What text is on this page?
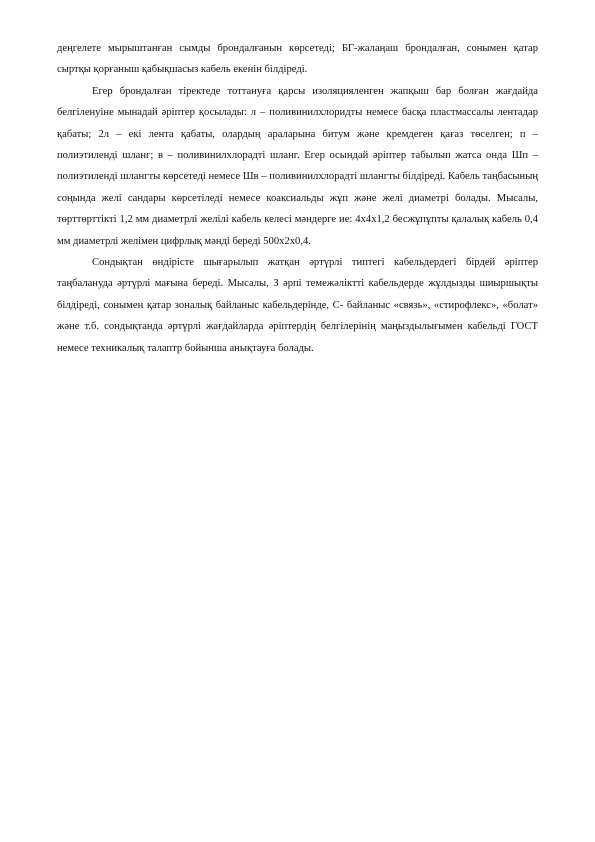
деңгелете мырыштанған сымды брондалғанын көрсетеді; БГ-жалаңаш брондалған, сонымен қатар сыртқы қорғаныш қабықшасыз кабель екенін білдіреді.

Егер брондалған тіректеде тоттануға қарсы изоляцияленген жапқыш бар болған жағдайда белгіленуіне мынадай әріптер қосылады: л – поливинилхлоридты немесе басқа пластмассалы лентадар қабаты; 2л – екі лента қабаты, олардың араларына битум және кремдеген қағаз төселген; п – полиэтиленді шланг; в – поливинилхлорадті шланг. Егер осындай әріптер табылып жатса онда Шп – полиэтиленді шлангты көрсетеді немесе Шв – поливинилхлорадті шлангты білдіреді. Кабель таңбасының соңында желі сандары көрсетіледі немесе коаксиальды жұп және желі диаметрі болады. Мысалы, төрттөрттікті 1,2 мм диаметрлі желілі кабель келесі мәндерге ие: 4х4х1,2 бесжұпұпты қалалық кабель 0,4 мм диаметрлі желімен цифрлық мәнді береді 500х2х0,4.

Сондықтан өндірісте шығарылып жатқан әртүрлі типтегі кабельдердегі бірдей әріптер таңбалануда әртүрлі мағына береді. Мысалы, З әрпі темежәліктті кабельдерде жұлдызды шиыршықты білдіреді, сонымен қатар зоналық байланыс кабельдерінде, С- байланыс «связь», «стирофлекс», «болат» және т.б. сондықтанда әртүрлі жағдайларда әріптердің белгілерінің маңыздылығымен кабельді ГОСТ немесе техникалық талаптр бойынша анықтауға болады.
